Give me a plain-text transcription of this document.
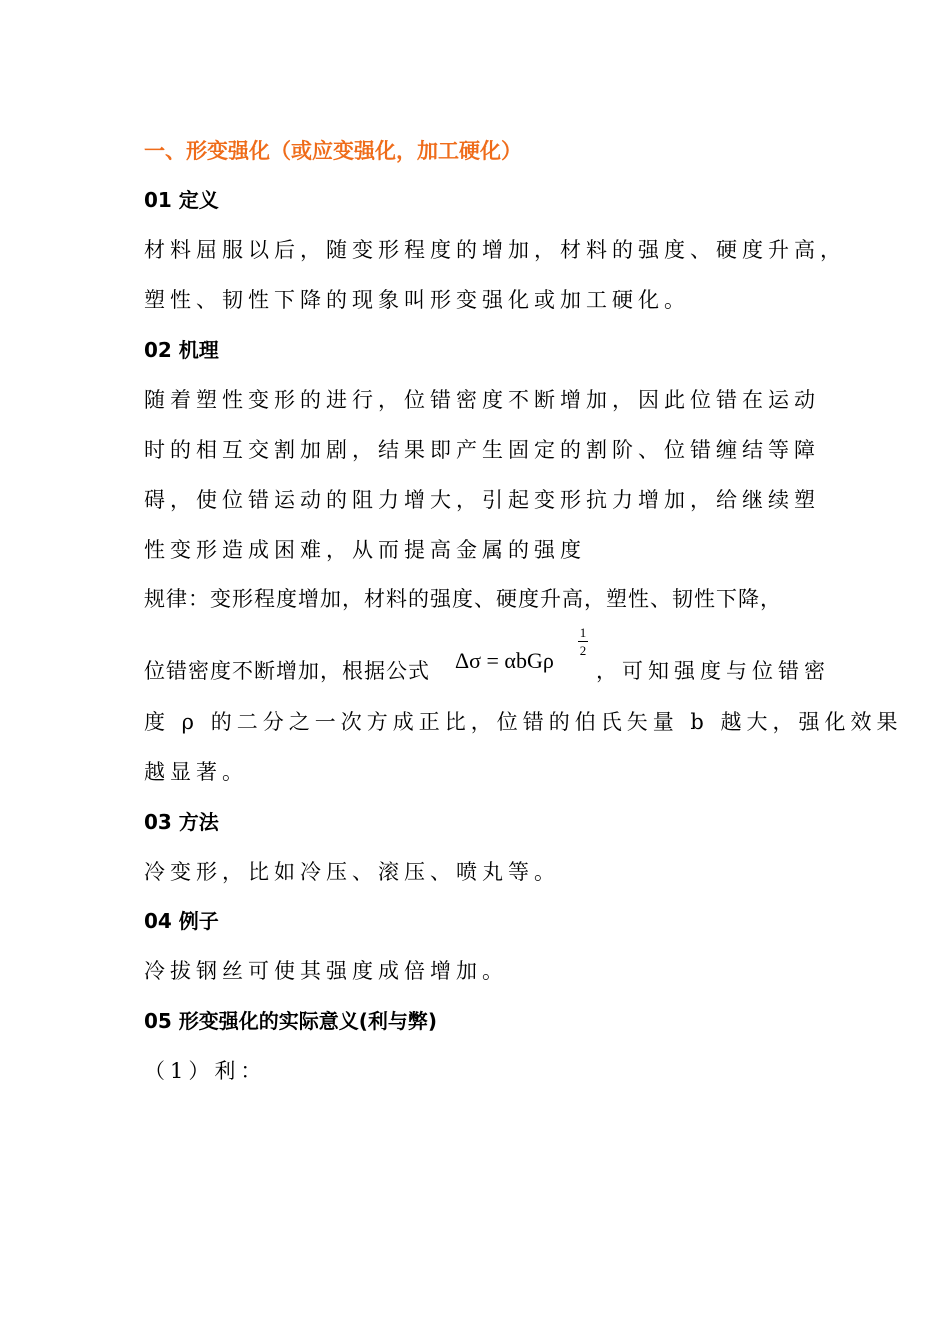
一、形变强化（或应变强化，加工硬化）
01 定义
材料屈服以后，随变形程度的增加，材料的强度、硬度升高，
塑性、韧性下降的现象叫形变强化或加工硬化。
02 机理
随着塑性变形的进行，位错密度不断增加，因此位错在运动
时的相互交割加剧，结果即产生固定的割阶、位错缠结等障
碍，使位错运动的阻力增大，引起变形抗力增加，给继续塑
性变形造成困难，从而提高金属的强度
规律：变形程度增加，材料的强度、硬度升高，塑性、韧性下降，
位错密度不断增加，根据公式 Δσ = αbGρ
1
2
，可知强度与位错密
度 ρ 的二分之一次方成正比，位错的伯氏矢量 b 越大，强化效果
越显著。
03 方法
冷变形，比如冷压、滚压、喷丸等。
04 例子
冷拔钢丝可使其强度成倍增加。
05 形变强化的实际意义(利与弊)
（1）利：
